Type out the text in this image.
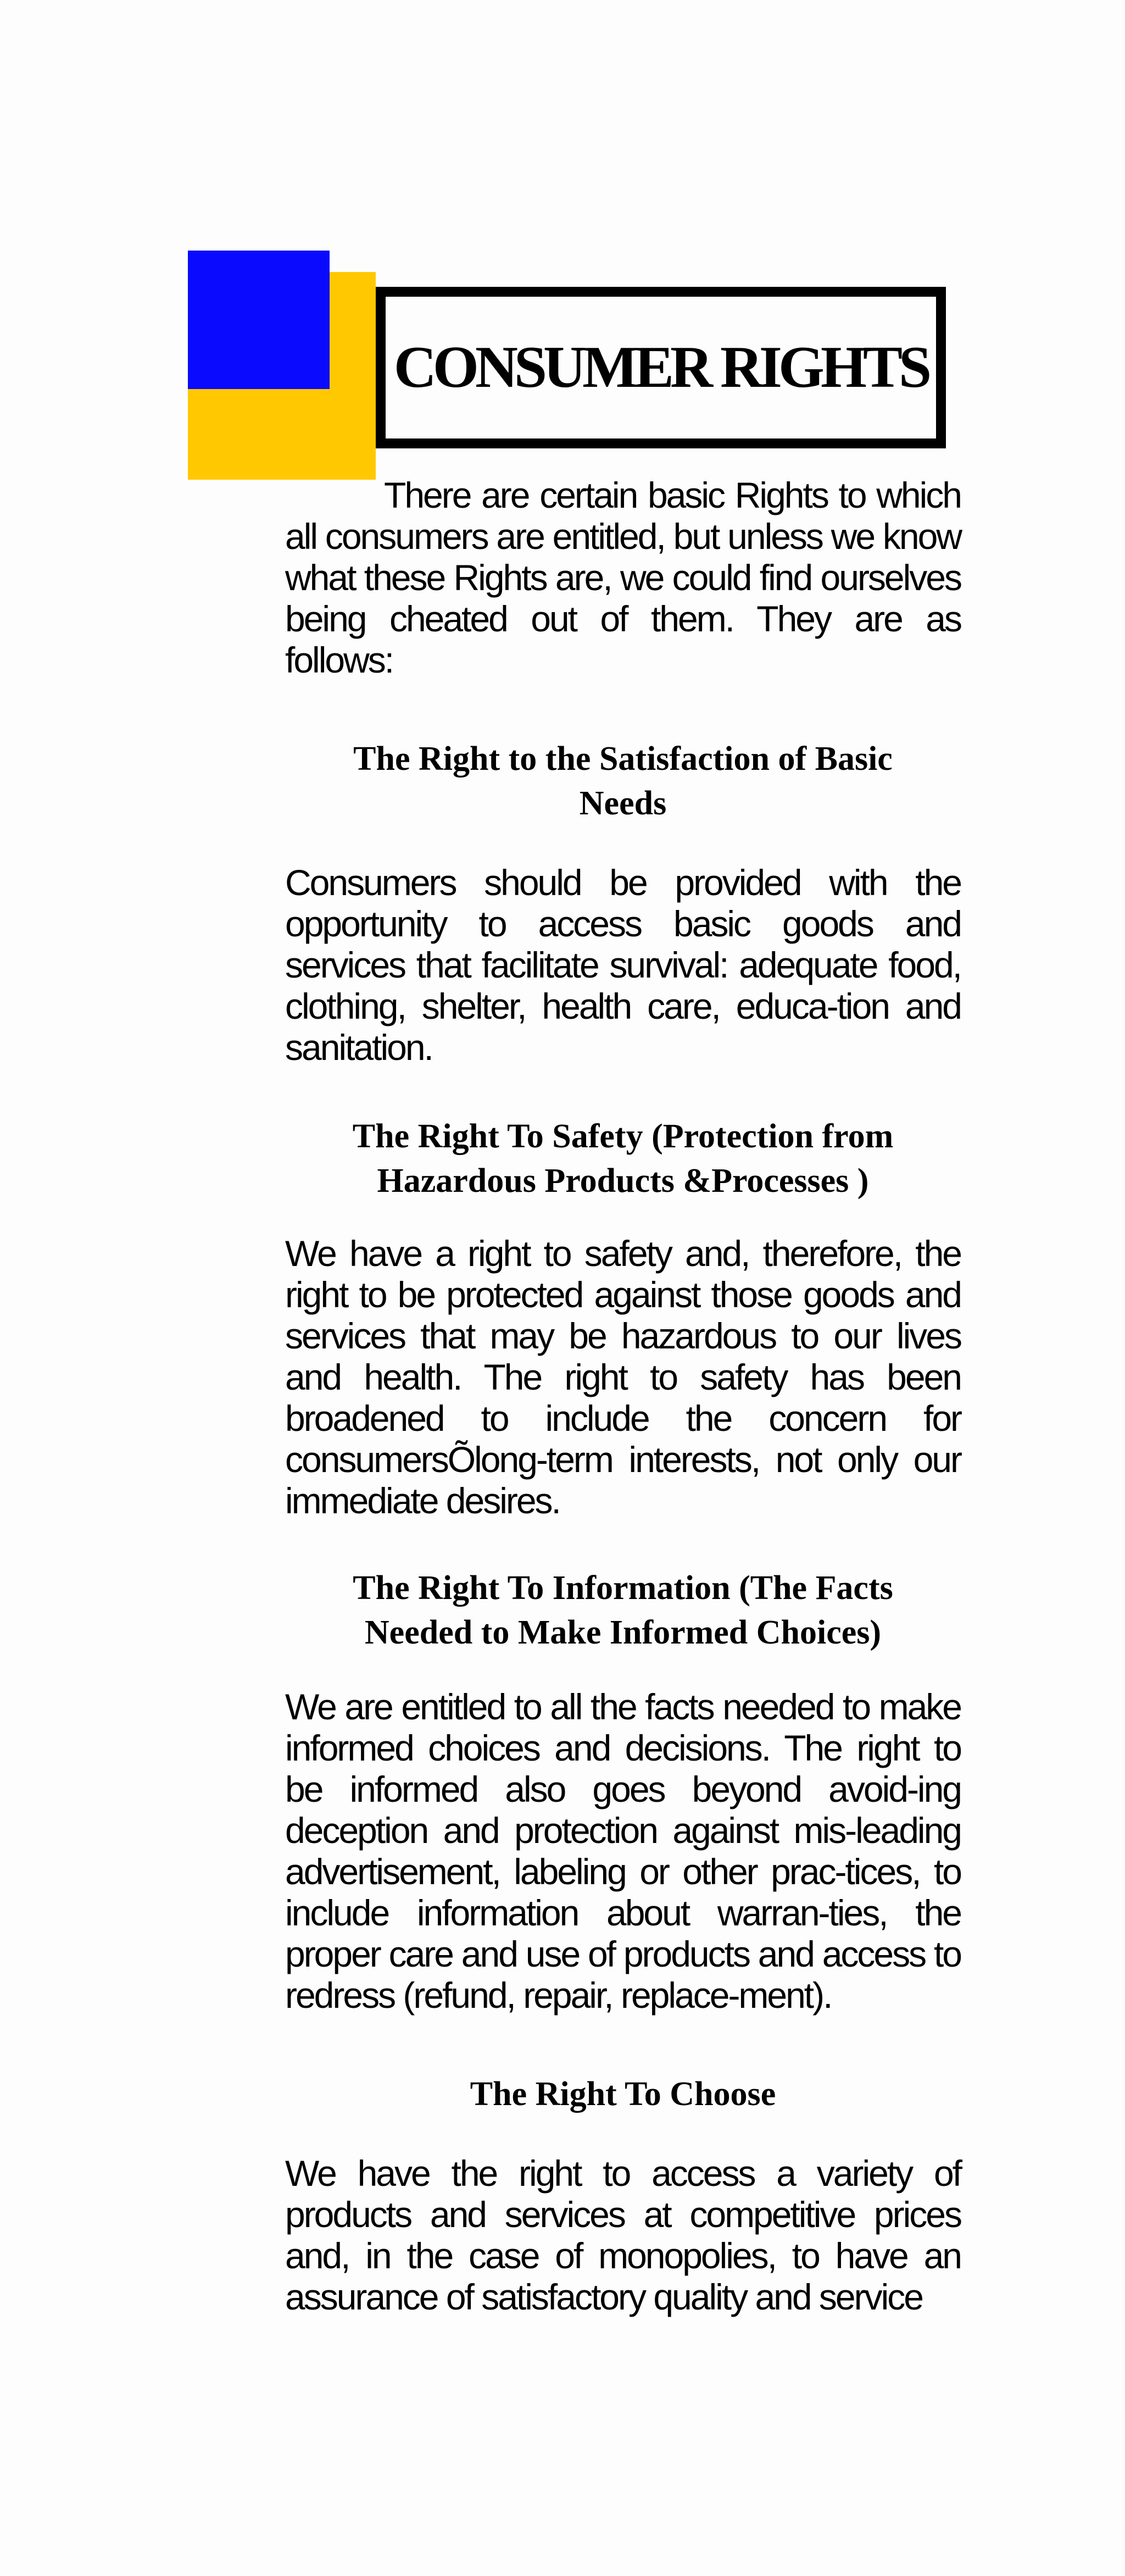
CONSUMER RIGHTS

There are certain basic Rights to which all consumers are entitled, but unless we know what these Rights are, we could find ourselves being cheated out of them. They are as follows:

The Right to the Satisfaction of Basic Needs

Consumers should be provided with the opportunity to access basic goods and services that facilitate survival: adequate food, clothing, shelter, health care, educa-tion and sanitation.

The Right To Safety (Protection from Hazardous Products &Processes )

We have a right to safety and, therefore, the right to be protected against those goods and services that may be hazardous to our lives and health. The right to safety has been broadened to include the concern for consumersÕlong-term interests, not only our immediate desires.

The Right To Information (The Facts Needed to Make Informed Choices)

We are entitled to all the facts needed to make informed choices and decisions. The right to be informed also goes beyond avoid-ing deception and protection against mis-leading advertisement, labeling or other prac-tices, to include information about warran-ties, the proper care and use of products and access to redress (refund, repair, replace-ment).

The Right To Choose

We have the right to access a variety of products and services at competitive prices and, in the case of monopolies, to have an assurance of satisfactory quality and service
